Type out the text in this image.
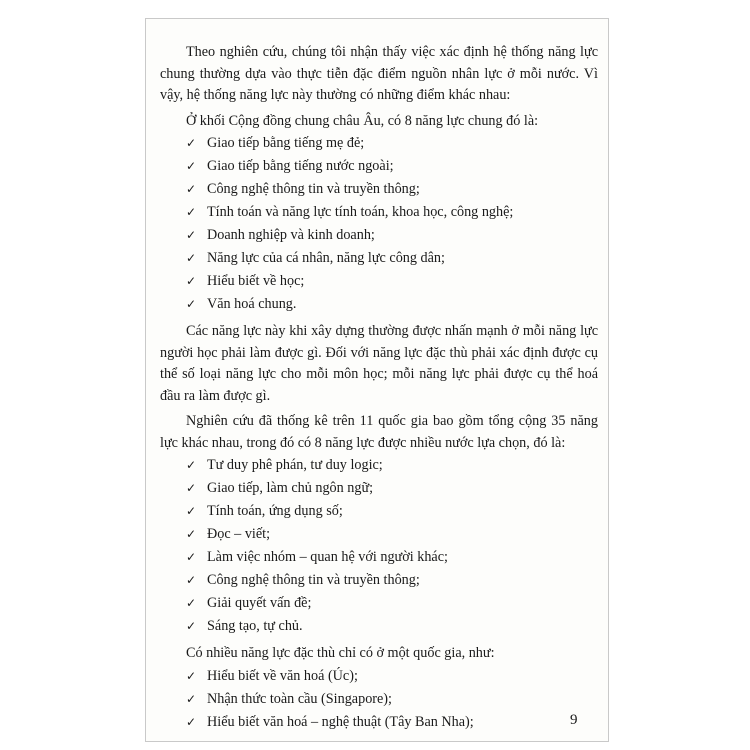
Theo nghiên cứu, chúng tôi nhận thấy việc xác định hệ thống năng lực chung thường dựa vào thực tiễn đặc điểm nguồn nhân lực ở mỗi nước. Vì vậy, hệ thống năng lực này thường có những điểm khác nhau:

Ở khối Cộng đồng chung châu Âu, có 8 năng lực chung đó là:

✓ Giao tiếp bằng tiếng mẹ đẻ;
✓ Giao tiếp bằng tiếng nước ngoài;
✓ Công nghệ thông tin và truyền thông;
✓ Tính toán và năng lực tính toán, khoa học, công nghệ;
✓ Doanh nghiệp và kinh doanh;
✓ Năng lực của cá nhân, năng lực công dân;
✓ Hiểu biết về học;
✓ Văn hoá chung.

Các năng lực này khi xây dựng thường được nhấn mạnh ở mỗi năng lực người học phải làm được gì. Đối với năng lực đặc thù phải xác định được cụ thể số loại năng lực cho mỗi môn học; mỗi năng lực phải được cụ thể hoá đầu ra làm được gì.

Nghiên cứu đã thống kê trên 11 quốc gia bao gồm tổng cộng 35 năng lực khác nhau, trong đó có 8 năng lực được nhiều nước lựa chọn, đó là:

✓ Tư duy phê phán, tư duy logic;
✓ Giao tiếp, làm chủ ngôn ngữ;
✓ Tính toán, ứng dụng số;
✓ Đọc – viết;
✓ Làm việc nhóm – quan hệ với người khác;
✓ Công nghệ thông tin và truyền thông;
✓ Giải quyết vấn đề;
✓ Sáng tạo, tự chủ.

Có nhiều năng lực đặc thù chỉ có ở một quốc gia, như:

✓ Hiểu biết về văn hoá (Úc);
✓ Nhận thức toàn cầu (Singapore);
✓ Hiểu biết văn hoá – nghệ thuật (Tây Ban Nha);	9
